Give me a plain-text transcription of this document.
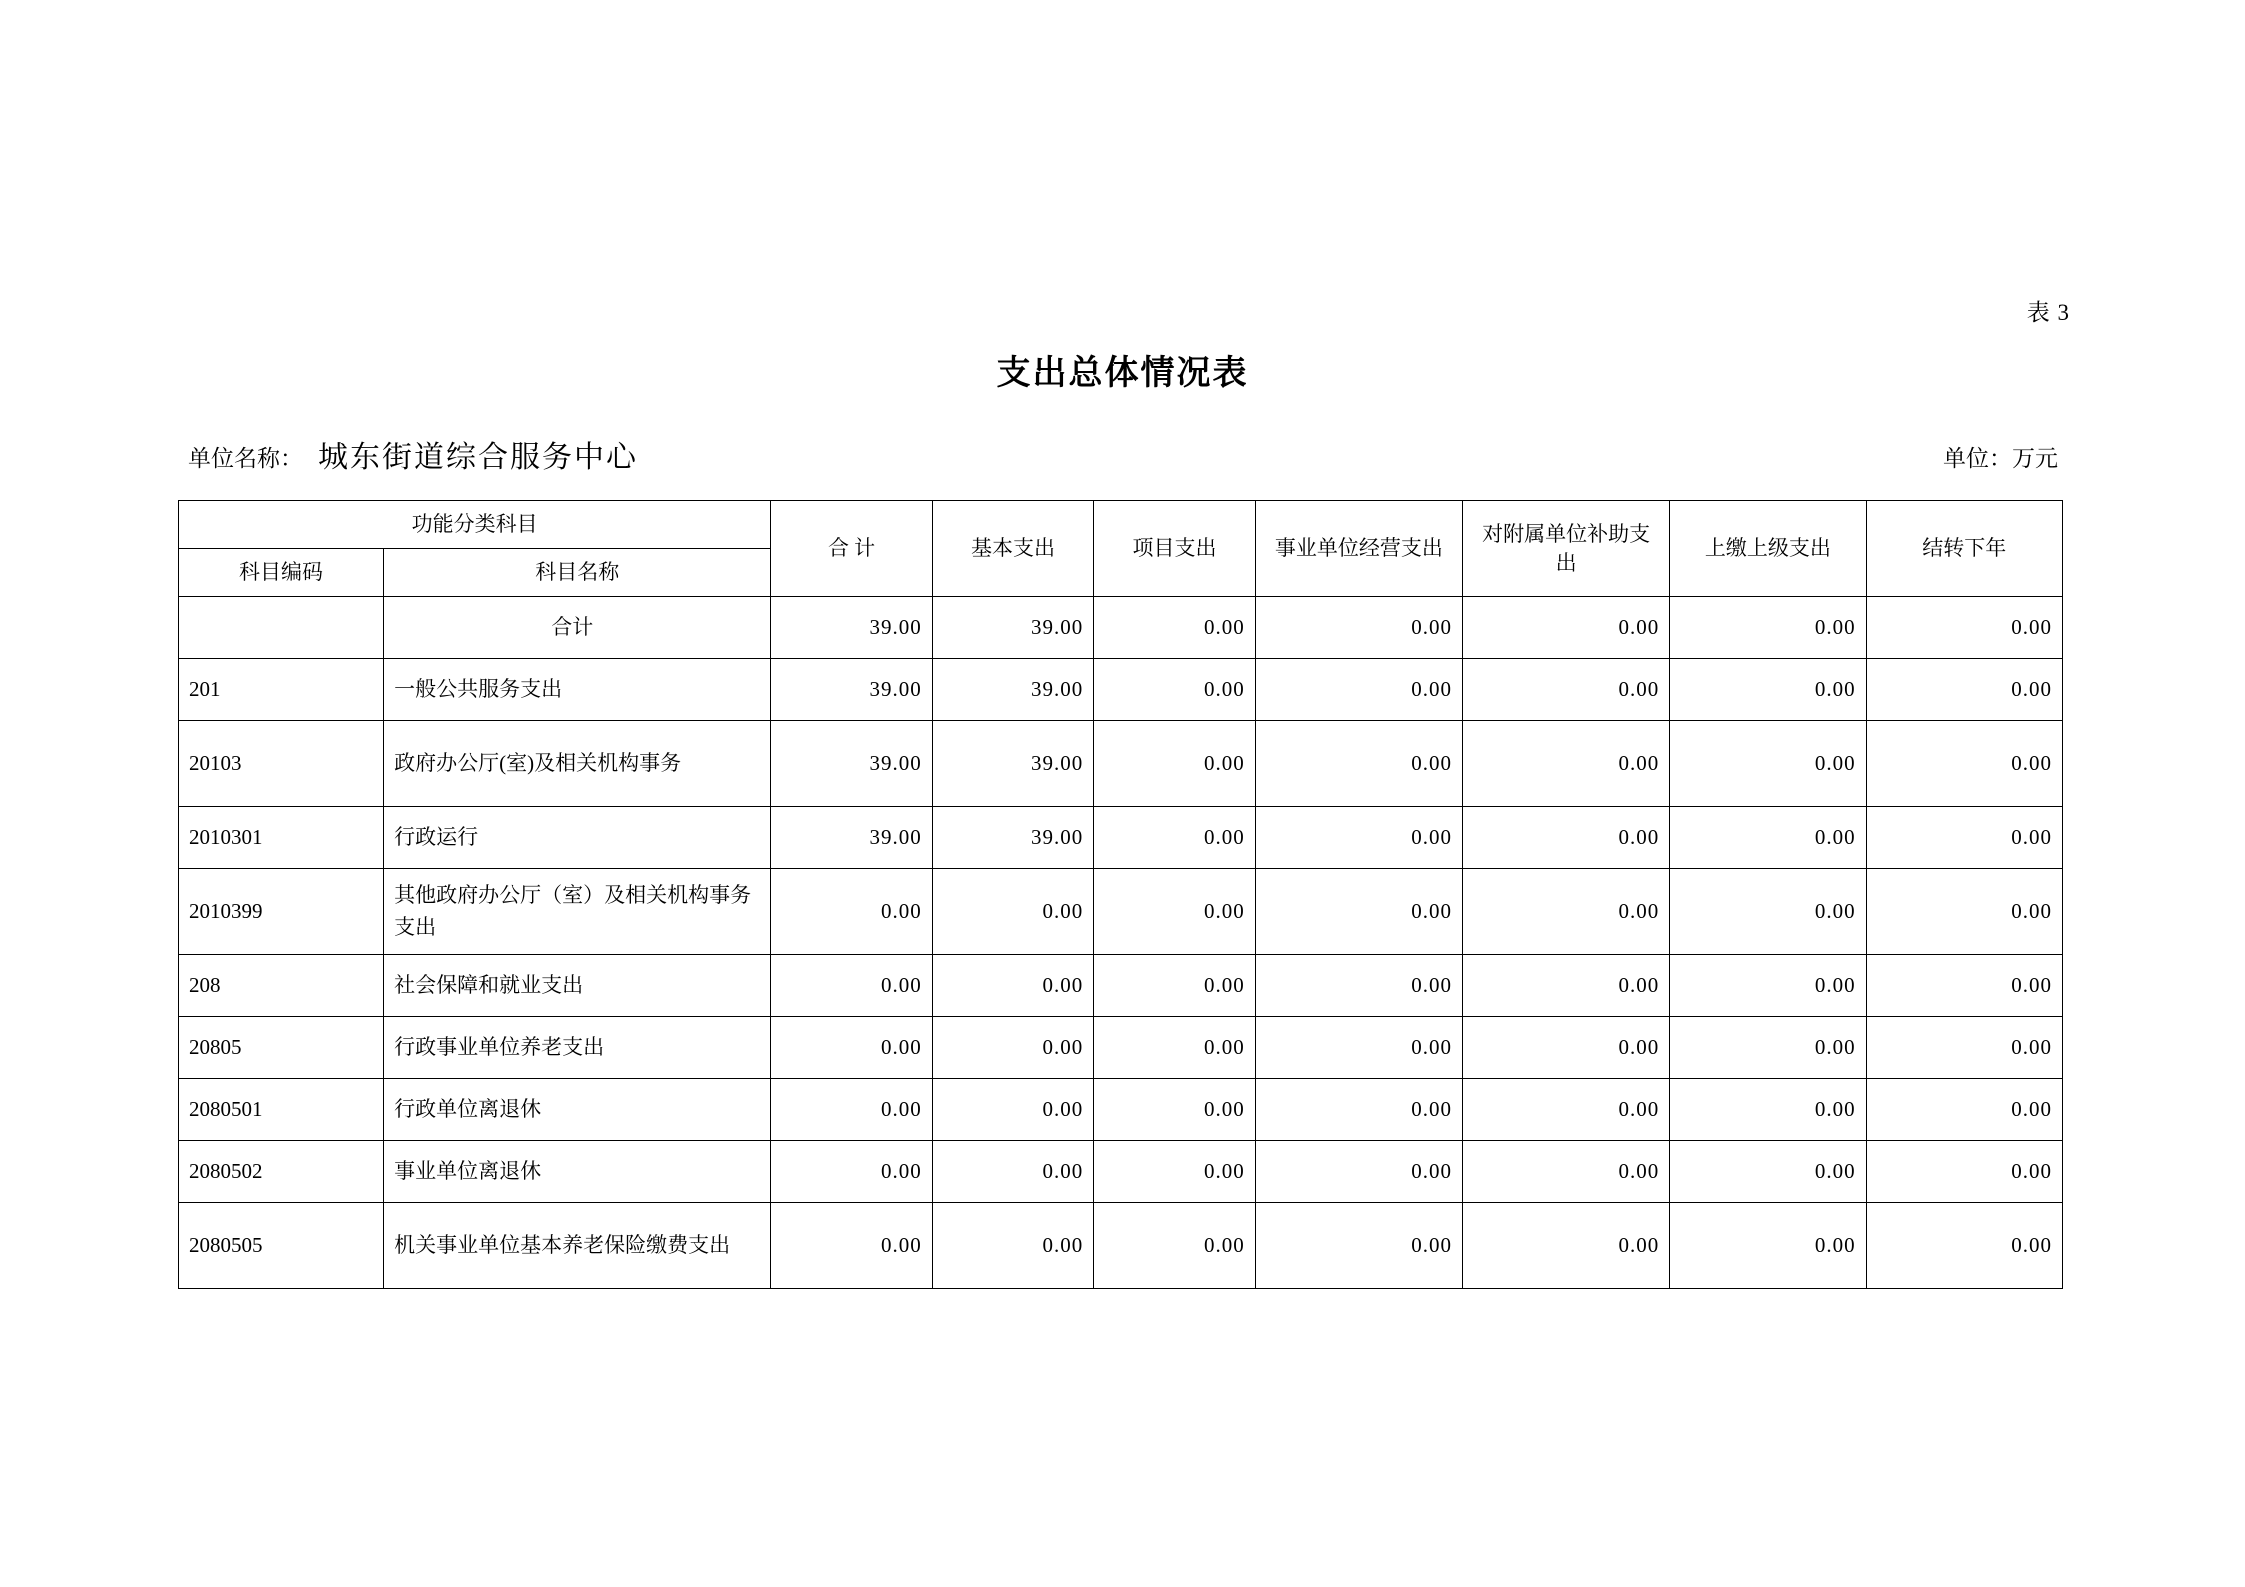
表 3
支出总体情况表
单位名称： 城东街道综合服务中心	单位：万元
功能分类科目		合 计	基本支出	项目支出	事业单位经营支出	对附属单位补助支出	上缴上级支出	结转下年
科目编码	科目名称							
	合计	39.00	39.00	0.00	0.00	0.00	0.00	0.00
201	一般公共服务支出	39.00	39.00	0.00	0.00	0.00	0.00	0.00
20103	政府办公厅(室)及相关机构事务	39.00	39.00	0.00	0.00	0.00	0.00	0.00
2010301	行政运行	39.00	39.00	0.00	0.00	0.00	0.00	0.00
2010399	其他政府办公厅（室）及相关机构事务支出	0.00	0.00	0.00	0.00	0.00	0.00	0.00
208	社会保障和就业支出	0.00	0.00	0.00	0.00	0.00	0.00	0.00
20805	行政事业单位养老支出	0.00	0.00	0.00	0.00	0.00	0.00	0.00
2080501	行政单位离退休	0.00	0.00	0.00	0.00	0.00	0.00	0.00
2080502	事业单位离退休	0.00	0.00	0.00	0.00	0.00	0.00	0.00
2080505	机关事业单位基本养老保险缴费支出	0.00	0.00	0.00	0.00	0.00	0.00	0.00
